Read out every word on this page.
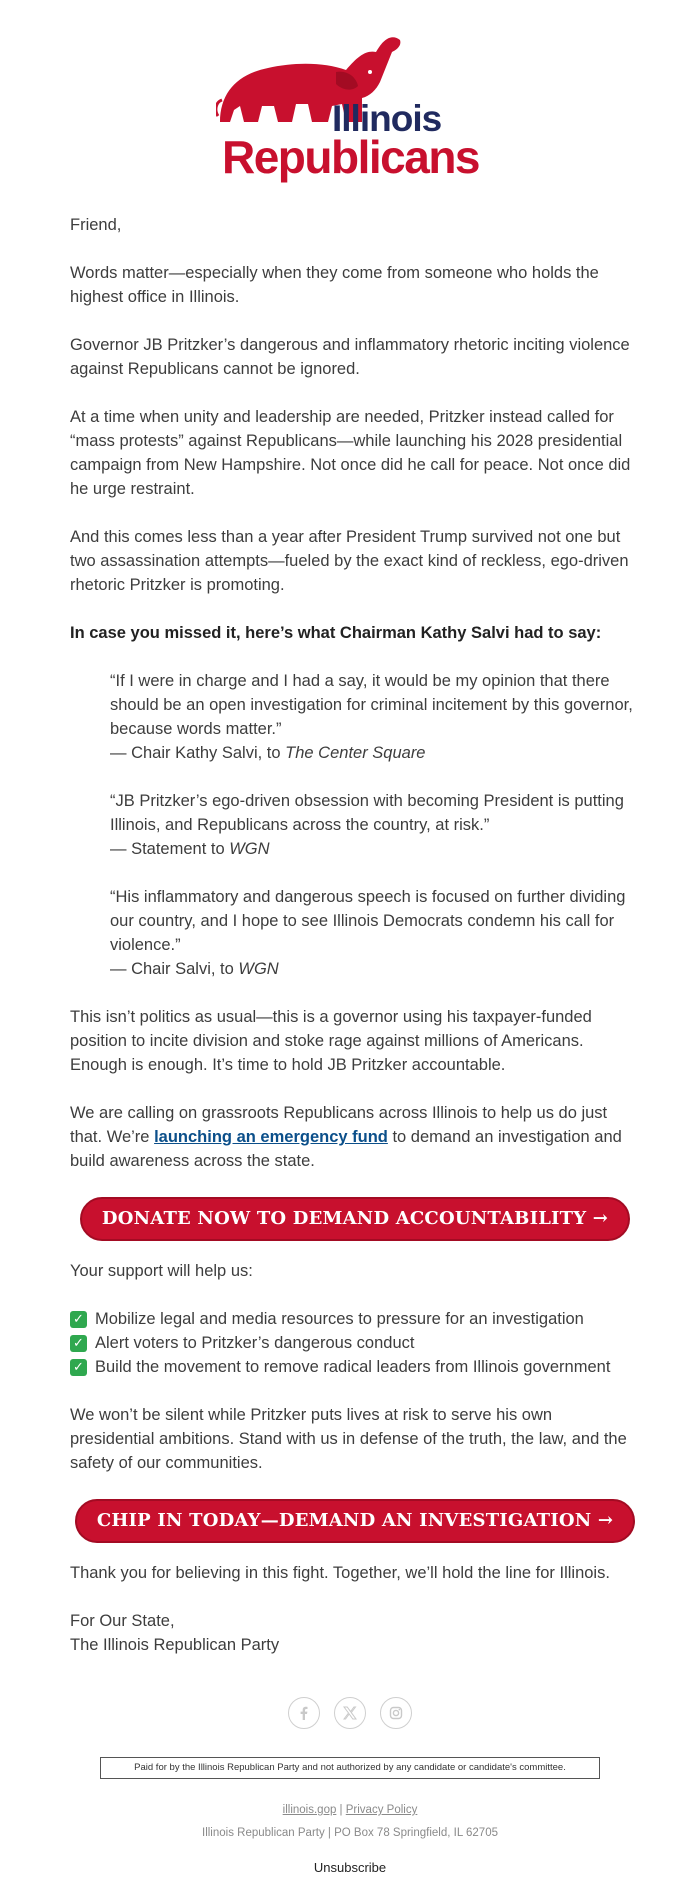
Illinois
Republicans

Friend,

Words matter—especially when they come from someone who holds the highest office in Illinois.

Governor JB Pritzker’s dangerous and inflammatory rhetoric inciting violence against Republicans cannot be ignored.

At a time when unity and leadership are needed, Pritzker instead called for “mass protests” against Republicans—while launching his 2028 presidential campaign from New Hampshire. Not once did he call for peace. Not once did he urge restraint.

And this comes less than a year after President Trump survived not one but two assassination attempts—fueled by the exact kind of reckless, ego-driven rhetoric Pritzker is promoting.

In case you missed it, here’s what Chairman Kathy Salvi had to say:

“If I were in charge and I had a say, it would be my opinion that there should be an open investigation for criminal incitement by this governor, because words matter.”
— Chair Kathy Salvi, to The Center Square
“JB Pritzker’s ego-driven obsession with becoming President is putting Illinois, and Republicans across the country, at risk.”
— Statement to WGN
“His inflammatory and dangerous speech is focused on further dividing our country, and I hope to see Illinois Democrats condemn his call for violence.”
— Chair Salvi, to WGN

This isn’t politics as usual—this is a governor using his taxpayer-funded position to incite division and stoke rage against millions of Americans. Enough is enough. It’s time to hold JB Pritzker accountable.

We are calling on grassroots Republicans across Illinois to help us do just that. We’re launching an emergency fund to demand an investigation and build awareness across the state.

DONATE NOW TO DEMAND ACCOUNTABILITY →

Your support will help us:

✓ Mobilize legal and media resources to pressure for an investigation
✓ Alert voters to Pritzker’s dangerous conduct
✓ Build the movement to remove radical leaders from Illinois government

We won’t be silent while Pritzker puts lives at risk to serve his own presidential ambitions. Stand with us in defense of the truth, the law, and the safety of our communities.

CHIP IN TODAY—DEMAND AN INVESTIGATION →

Thank you for believing in this fight. Together, we’ll hold the line for Illinois.

For Our State,
The Illinois Republican Party

Paid for by the Illinois Republican Party and not authorized by any candidate or candidate's committee.
illinois.gop | Privacy Policy
Illinois Republican Party | PO Box 78 Springfield, IL 62705
Unsubscribe
